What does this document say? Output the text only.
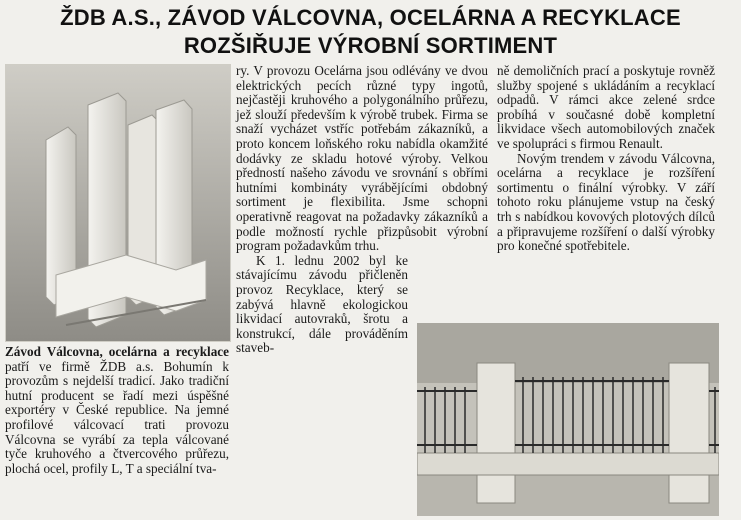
ŽDB A.S., ZÁVOD VÁLCOVNA, OCELÁRNA A RECYKLACE
ROZŠIŘUJE VÝROBNÍ SORTIMENT

Závod Válcovna, ocelárna a recyklace patří ve firmě ŽDB a.s. Bohumín k provozům s nejdelší tradicí. Jako tradiční hutní producent se řadí mezi úspěšné exportéry v České republice. Na jemné profilové válcovací trati provozu Válcovna se vyrábí za tepla válcované tyče kruhového a čtvercového průřezu, plochá ocel, profily L, T a speciální tva-

ry. V provozu Ocelárna jsou odlévány ve dvou elektrických pecích různé typy ingotů, nejčastěji kruhového a polygonálního průřezu, jež slouží především k výrobě trubek. Firma se snaží vycházet vstříc potřebám zákazníků, a proto koncem loňského roku nabídla okamžité dodávky ze skladu hotové výroby. Velkou předností našeho závodu ve srovnání s obřími hutními kombináty vyrábějícími obdobný sortiment je flexibilita. Jsme schopni operativně reagovat na požadavky zákazníků a podle možností rychle přizpůsobit výrobní program požadavkům trhu.

K 1. lednu 2002 byl ke stávajícímu závodu přičleněn provoz Recyklace, který se zabývá hlavně ekologickou likvidací autovraků, šrotu a konstrukcí, dále prováděním staveb-

ně demoličních prací a poskytuje rovněž služby spojené s ukládáním a recyklací odpadů. V rámci akce zelené srdce probíhá v současné době kompletní likvidace všech automobilových značek ve spolupráci s firmou Renault.

Novým trendem v závodu Válcovna, ocelárna a recyklace je rozšíření sortimentu o finální výrobky. V září tohoto roku plánujeme vstup na český trh s nabídkou kovových plotových dílců a připravujeme rozšíření o další výrobky pro konečné spotřebitele.
